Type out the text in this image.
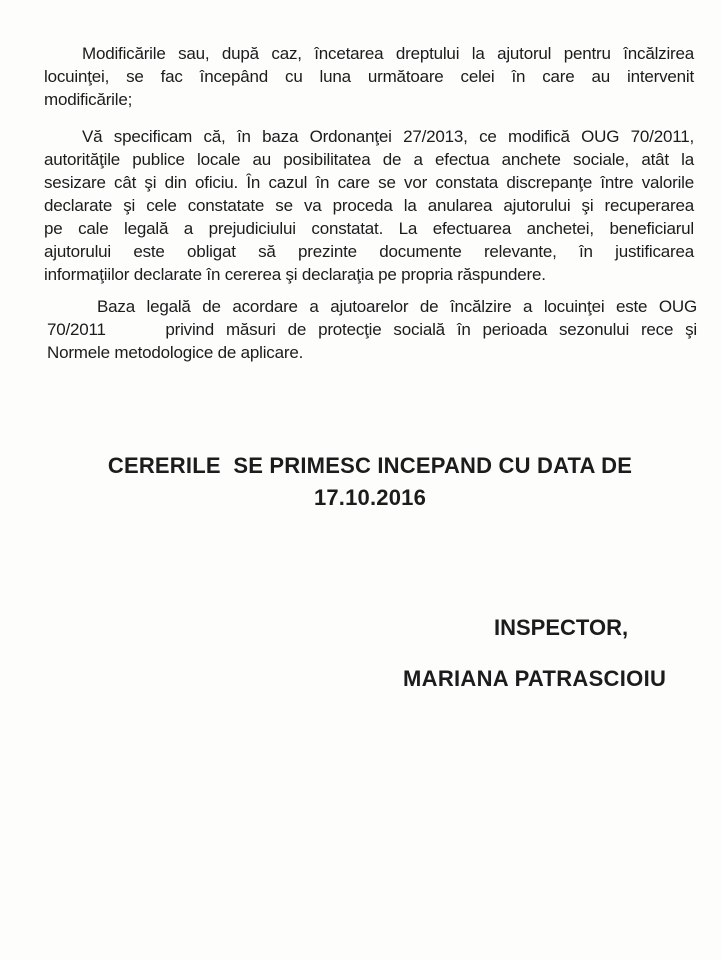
Modificările sau, după caz, încetarea dreptului la ajutorul pentru încălzirea
locuinţei, se fac începând cu luna următoare celei în care au intervenit
modificările;

Vă specificam că, în baza Ordonanţei 27/2013, ce modifică OUG 70/2011,
autorităţile publice locale au posibilitatea de a efectua anchete sociale, atât la
sesizare cât şi din oficiu. În cazul în care se vor constata discrepanţe între valorile
declarate şi cele constatate se va proceda la anularea ajutorului şi recuperarea
pe cale legală a prejudiciului constatat. La efectuarea anchetei, beneficiarul
ajutorului este obligat să prezinte documente relevante, în justificarea
informaţiilor declarate în cererea şi declaraţia pe propria răspundere.

Baza legală de acordare a ajutoarelor de încălzire a locuinţei este OUG
70/2011     privind măsuri de protecţie socială în perioada sezonului rece şi
Normele metodologice de aplicare.

CERERILE  SE PRIMESC INCEPAND CU DATA DE
17.10.2016
INSPECTOR,
MARIANA PATRASCIOIU
